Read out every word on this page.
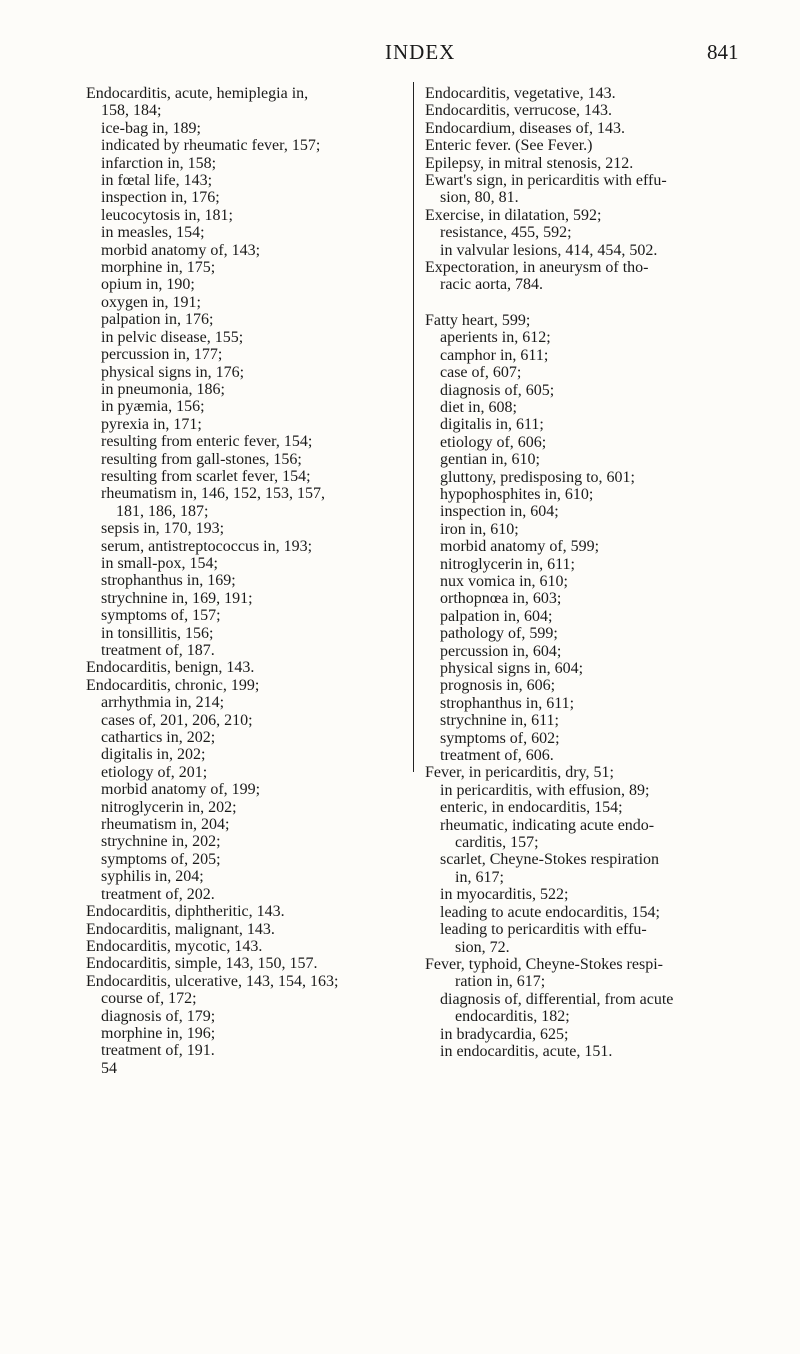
INDEX	841
Endocarditis, acute, hemiplegia in,
158, 184;
ice-bag in, 189;
indicated by rheumatic fever, 157;
infarction in, 158;
in fœtal life, 143;
inspection in, 176;
leucocytosis in, 181;
in measles, 154;
morbid anatomy of, 143;
morphine in, 175;
opium in, 190;
oxygen in, 191;
palpation in, 176;
in pelvic disease, 155;
percussion in, 177;
physical signs in, 176;
in pneumonia, 186;
in pyæmia, 156;
pyrexia in, 171;
resulting from enteric fever, 154;
resulting from gall-stones, 156;
resulting from scarlet fever, 154;
rheumatism in, 146, 152, 153, 157,
181, 186, 187;
sepsis in, 170, 193;
serum, antistreptococcus in, 193;
in small-pox, 154;
strophanthus in, 169;
strychnine in, 169, 191;
symptoms of, 157;
in tonsillitis, 156;
treatment of, 187.
Endocarditis, benign, 143.
Endocarditis, chronic, 199;
arrhythmia in, 214;
cases of, 201, 206, 210;
cathartics in, 202;
digitalis in, 202;
etiology of, 201;
morbid anatomy of, 199;
nitroglycerin in, 202;
rheumatism in, 204;
strychnine in, 202;
symptoms of, 205;
syphilis in, 204;
treatment of, 202.
Endocarditis, diphtheritic, 143.
Endocarditis, malignant, 143.
Endocarditis, mycotic, 143.
Endocarditis, simple, 143, 150, 157.
Endocarditis, ulcerative, 143, 154, 163;
course of, 172;
diagnosis of, 179;
morphine in, 196;
treatment of, 191.
54
Endocarditis, vegetative, 143.
Endocarditis, verrucose, 143.
Endocardium, diseases of, 143.
Enteric fever. (See Fever.)
Epilepsy, in mitral stenosis, 212.
Ewart's sign, in pericarditis with effu-
sion, 80, 81.
Exercise, in dilatation, 592;
resistance, 455, 592;
in valvular lesions, 414, 454, 502.
Expectoration, in aneurysm of tho-
racic aorta, 784.
Fatty heart, 599;
aperients in, 612;
camphor in, 611;
case of, 607;
diagnosis of, 605;
diet in, 608;
digitalis in, 611;
etiology of, 606;
gentian in, 610;
gluttony, predisposing to, 601;
hypophosphites in, 610;
inspection in, 604;
iron in, 610;
morbid anatomy of, 599;
nitroglycerin in, 611;
nux vomica in, 610;
orthopnœa in, 603;
palpation in, 604;
pathology of, 599;
percussion in, 604;
physical signs in, 604;
prognosis in, 606;
strophanthus in, 611;
strychnine in, 611;
symptoms of, 602;
treatment of, 606.
Fever, in pericarditis, dry, 51;
in pericarditis, with effusion, 89;
enteric, in endocarditis, 154;
rheumatic, indicating acute endo-
carditis, 157;
scarlet, Cheyne-Stokes respiration
in, 617;
in myocarditis, 522;
leading to acute endocarditis, 154;
leading to pericarditis with effu-
sion, 72.
Fever, typhoid, Cheyne-Stokes respi-
ration in, 617;
diagnosis of, differential, from acute
endocarditis, 182;
in bradycardia, 625;
in endocarditis, acute, 151.
